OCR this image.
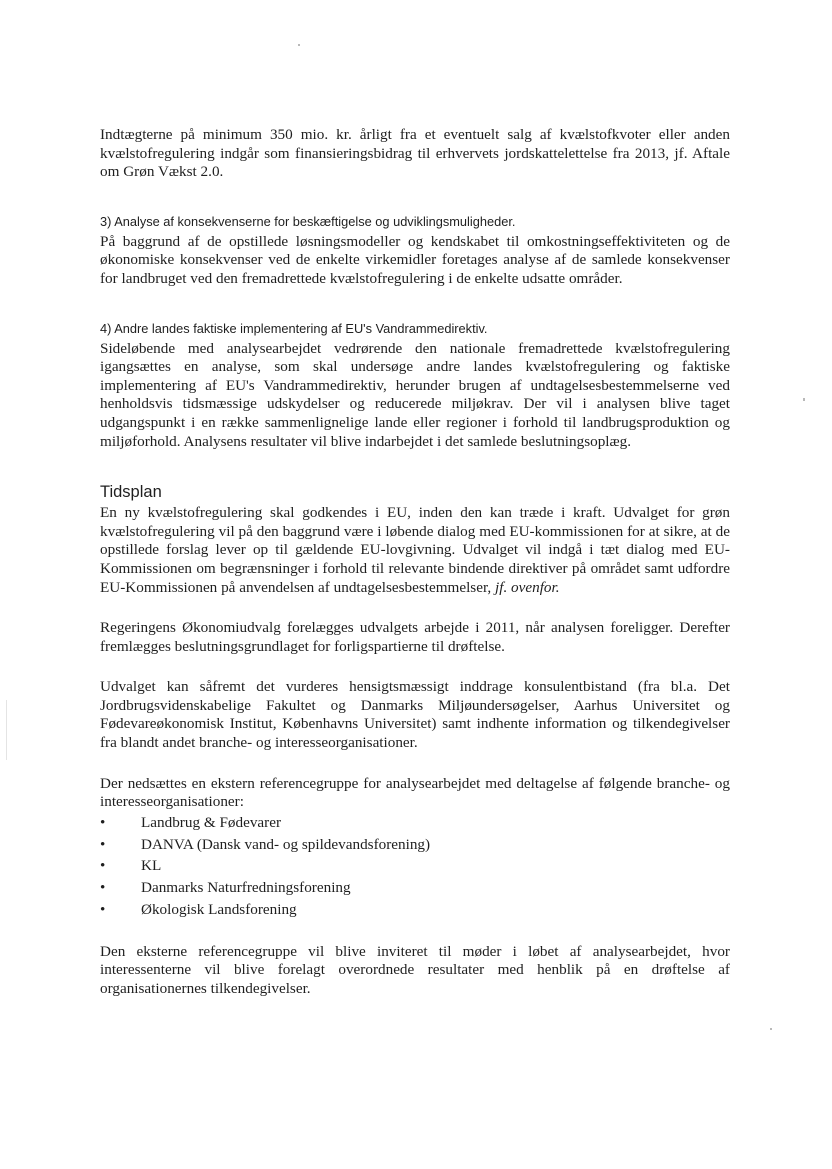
Indtægterne på minimum 350 mio. kr. årligt fra et eventuelt salg af kvælstofkvoter eller anden kvælstofregulering indgår som finansieringsbidrag til erhvervets jordskattelettelse fra 2013, jf. Aftale om Grøn Vækst 2.0.

3) Analyse af konsekvenserne for beskæftigelse og udviklingsmuligheder.

På baggrund af de opstillede løsningsmodeller og kendskabet til omkostningseffektiviteten og de økonomiske konsekvenser ved de enkelte virkemidler foretages analyse af de samlede konsekvenser for landbruget ved den fremadrettede kvælstofregulering i de enkelte udsatte områder.

4) Andre landes faktiske implementering af EU's Vandrammedirektiv.

Sideløbende med analysearbejdet vedrørende den nationale fremadrettede kvælstofregulering igangsættes en analyse, som skal undersøge andre landes kvælstofregulering og faktiske implementering af EU's Vandrammedirektiv, herunder brugen af undtagelsesbestemmelserne ved henholdsvis tidsmæssige udskydelser og reducerede miljøkrav. Der vil i analysen blive taget udgangspunkt i en række sammenlignelige lande eller regioner i forhold til landbrugsproduktion og miljøforhold. Analysens resultater vil blive indarbejdet i det samlede beslutningsoplæg.

Tidsplan

En ny kvælstofregulering skal godkendes i EU, inden den kan træde i kraft. Udvalget for grøn kvælstofregulering vil på den baggrund være i løbende dialog med EU-kommissionen for at sikre, at de opstillede forslag lever op til gældende EU-lovgivning. Udvalget vil indgå i tæt dialog med EU-Kommissionen om begrænsninger i forhold til relevante bindende direktiver på området samt udfordre EU-Kommissionen på anvendelsen af undtagelsesbestemmelser, jf. ovenfor.

Regeringens Økonomiudvalg forelægges udvalgets arbejde i 2011, når analysen foreligger. Derefter fremlægges beslutningsgrundlaget for forligspartierne til drøftelse.

Udvalget kan såfremt det vurderes hensigtsmæssigt inddrage konsulentbistand (fra bl.a. Det Jordbrugsvidenskabelige Fakultet og Danmarks Miljøundersøgelser, Aarhus Universitet og Fødevareøkonomisk Institut, Københavns Universitet) samt indhente information og tilkendegivelser fra blandt andet branche- og interesseorganisationer.

Der nedsættes en ekstern referencegruppe for analysearbejdet med deltagelse af følgende branche- og interesseorganisationer:

•	Landbrug & Fødevarer
•	DANVA (Dansk vand- og spildevandsforening)
•	KL
•	Danmarks Naturfredningsforening
•	Økologisk Landsforening

Den eksterne referencegruppe vil blive inviteret til møder i løbet af analysearbejdet, hvor interessenterne vil blive forelagt overordnede resultater med henblik på en drøftelse af organisationernes tilkendegivelser.
